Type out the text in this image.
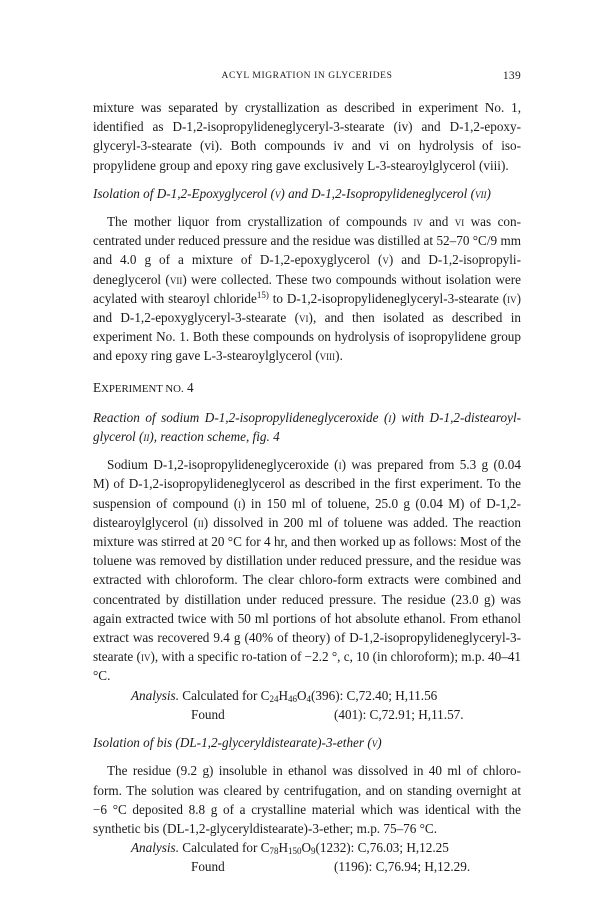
ACYL MIGRATION IN GLYCERIDES	139

mixture was separated by crystallization as described in experiment No. 1, identified as D-1,2-isopropylideneglyceryl-3-stearate (iv) and D-1,2-epoxy-glyceryl-3-stearate (vi). Both compounds iv and vi on hydrolysis of iso-propylidene group and epoxy ring gave exclusively L-3-stearoylglycerol (viii).

Isolation of D-1,2-Epoxyglycerol (v) and D-1,2-Isopropylideneglycerol (vii)

The mother liquor from crystallization of compounds iv and vi was con-centrated under reduced pressure and the residue was distilled at 52–70 °C/9 mm and 4.0 g of a mixture of D-1,2-epoxyglycerol (v) and D-1,2-isopropyli-deneglycerol (vii) were collected. These two compounds without isolation were acylated with stearoyl chloride$^{15)}$ to D-1,2-isopropylideneglyceryl-3-stearate (iv) and D-1,2-epoxyglyceryl-3-stearate (vi), and then isolated as described in experiment No. 1. Both these compounds on hydrolysis of isopropylidene group and epoxy ring gave L-3-stearoylglycerol (viii).

EXPERIMENT NO. 4

Reaction of sodium D-1,2-isopropylideneglyceroxide (i) with D-1,2-distearoyl-glycerol (ii), reaction scheme, fig. 4

Sodium D-1,2-isopropylideneglyceroxide (i) was prepared from 5.3 g (0.04 M) of D-1,2-isopropylideneglycerol as described in the first experiment. To the suspension of compound (i) in 150 ml of toluene, 25.0 g (0.04 M) of D-1,2-distearoylglycerol (ii) dissolved in 200 ml of toluene was added. The reaction mixture was stirred at 20 °C for 4 hr, and then worked up as follows: Most of the toluene was removed by distillation under reduced pressure, and the residue was extracted with chloroform. The clear chloro-form extracts were combined and concentrated by distillation under reduced pressure. The residue (23.0 g) was again extracted twice with 50 ml portions of hot absolute ethanol. From ethanol extract was recovered 9.4 g (40% of theory) of D-1,2-isopropylideneglyceryl-3-stearate (iv), with a specific ro-tation of −2.2 °, c, 10 (in chloroform); m.p. 40–41 °C.

Analysis. Calculated for $C_{24}H_{46}O_4(396)$: C,72.40; H,11.56

Found	(401): C,72.91; H,11.57.

Isolation of bis (DL-1,2-glyceryldistearate)-3-ether (v)

The residue (9.2 g) insoluble in ethanol was dissolved in 40 ml of chloro-form. The solution was cleared by centrifugation, and on standing overnight at −6 °C deposited 8.8 g of a crystalline material which was identical with the synthetic bis (DL-1,2-glyceryldistearate)-3-ether; m.p. 75–76 °C.

Analysis. Calculated for $C_{78}H_{150}O_9(1232)$: C,76.03; H,12.25

Found	(1196): C,76.94; H,12.29.
